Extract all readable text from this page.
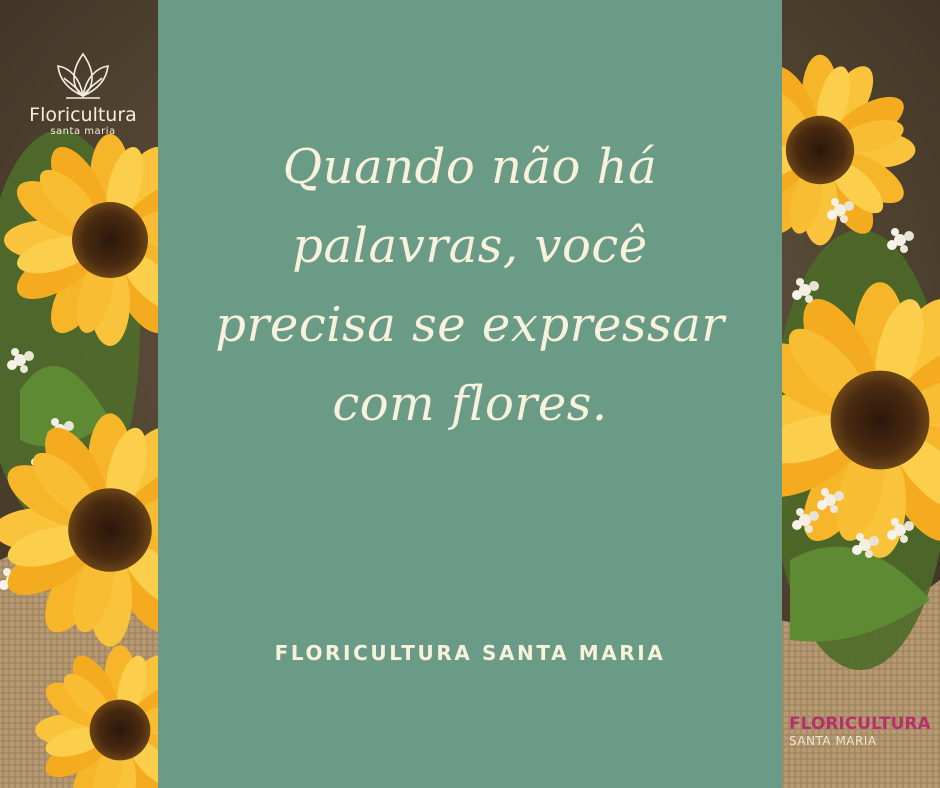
Floricultura
santa maria

Quando não há
palavras, você
precisa se expressar
com flores.

FLORICULTURA SANTA MARIA
FLORICULTURA
SANTA MARIA
